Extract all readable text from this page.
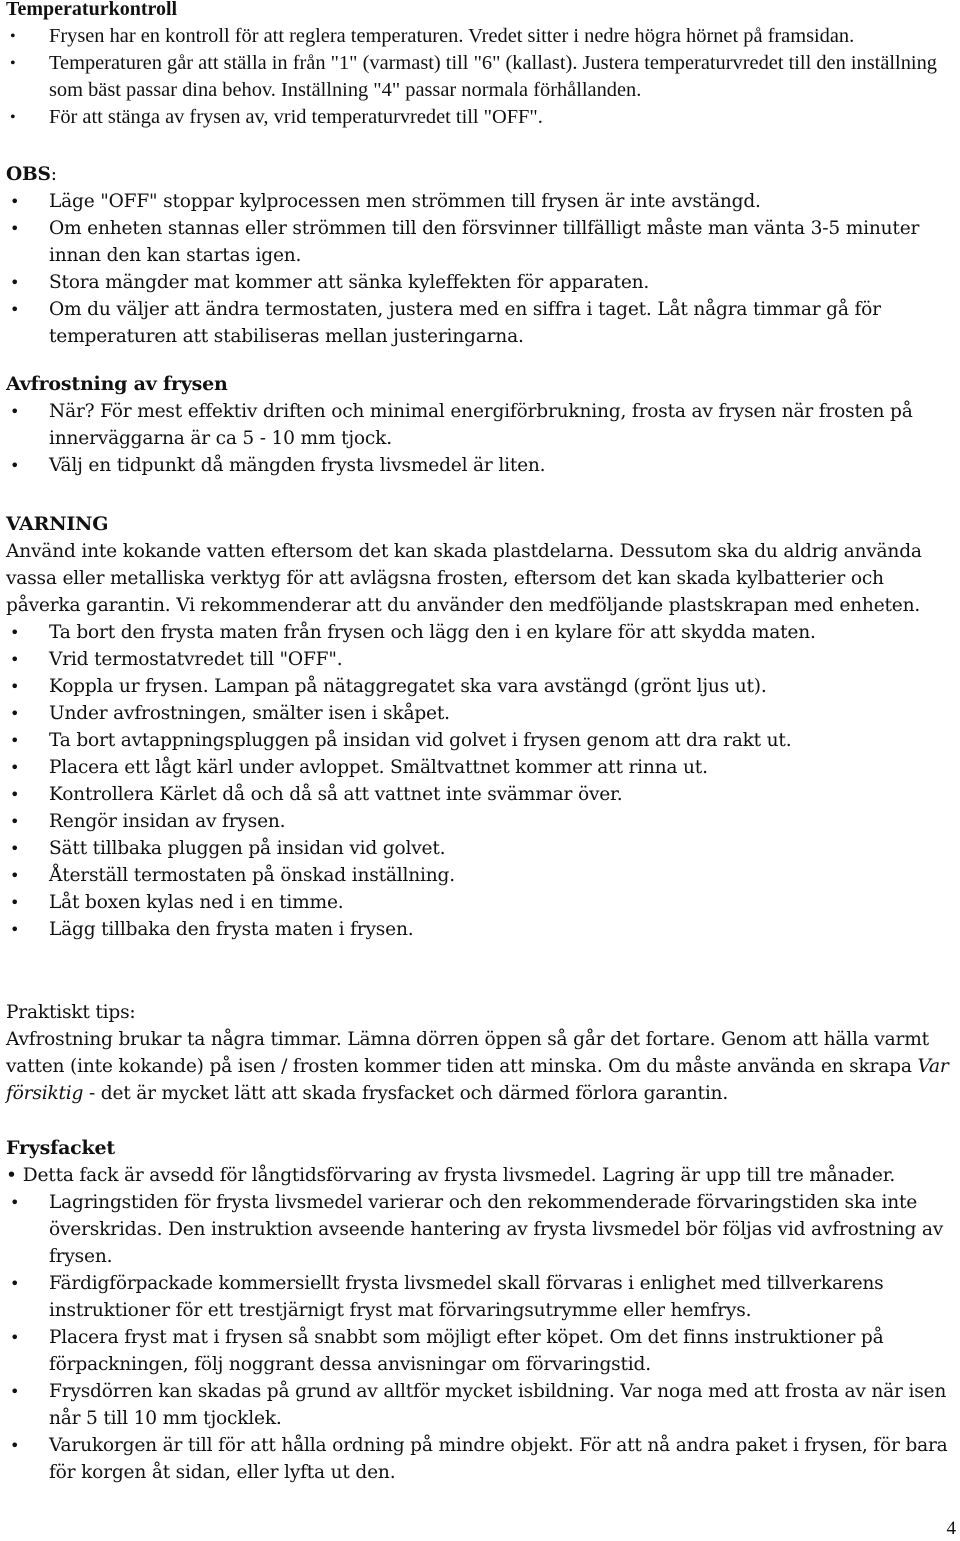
Temperaturkontroll
• Frysen har en kontroll för att reglera temperaturen. Vredet sitter i nedre högra hörnet på framsidan.
• Temperaturen går att ställa in från "1" (varmast) till "6" (kallast). Justera temperaturvredet till den inställning som bäst passar dina behov. Inställning "4" passar normala förhållanden.
• För att stänga av frysen av, vrid temperaturvredet till "OFF".
OBS:
• Läge "OFF" stoppar kylprocessen men strömmen till frysen är inte avstängd.
• Om enheten stannas eller strömmen till den försvinner tillfälligt måste man vänta 3-5 minuter innan den kan startas igen.
• Stora mängder mat kommer att sänka kyleffekten för apparaten.
• Om du väljer att ändra termostaten, justera med en siffra i taget. Låt några timmar gå för temperaturen att stabiliseras mellan justeringarna.
Avfrostning av frysen
• När? För mest effektiv driften och minimal energiförbrukning, frosta av frysen när frosten på innerväggarna är ca 5 - 10 mm tjock.
• Välj en tidpunkt då mängden frysta livsmedel är liten.
VARNING

Använd inte kokande vatten eftersom det kan skada plastdelarna. Dessutom ska du aldrig använda vassa eller metalliska verktyg för att avlägsna frosten, eftersom det kan skada kylbatterier och påverka garantin. Vi rekommenderar att du använder den medföljande plastskrapan med enheten.

• Ta bort den frysta maten från frysen och lägg den i en kylare för att skydda maten.
• Vrid termostatvredet till "OFF".
• Koppla ur frysen. Lampan på nätaggregatet ska vara avstängd (grönt ljus ut).
• Under avfrostningen, smälter isen i skåpet.
• Ta bort avtappningspluggen på insidan vid golvet i frysen genom att dra rakt ut.
• Placera ett lågt kärl under avloppet. Smältvattnet kommer att rinna ut.
• Kontrollera Kärlet då och då så att vattnet inte svämmar över.
• Rengör insidan av frysen.
• Sätt tillbaka pluggen på insidan vid golvet.
• Återställ termostaten på önskad inställning.
• Låt boxen kylas ned i en timme.
• Lägg tillbaka den frysta maten i frysen.
Praktiskt tips:

Avfrostning brukar ta några timmar. Lämna dörren öppen så går det fortare. Genom att hälla varmt vatten (inte kokande) på isen / frosten kommer tiden att minska. Om du måste använda en skrapa Var försiktig - det är mycket lätt att skada frysfacket och därmed förlora garantin.

Frysfacket

• Detta fack är avsedd för långtidsförvaring av frysta livsmedel. Lagring är upp till tre månader.

• Lagringstiden för frysta livsmedel varierar och den rekommenderade förvaringstiden ska inte överskridas. Den instruktion avseende hantering av frysta livsmedel bör följas vid avfrostning av frysen.
• Färdigförpackade kommersiellt frysta livsmedel skall förvaras i enlighet med tillverkarens instruktioner för ett trestjärnigt fryst mat förvaringsutrymme eller hemfrys.
• Placera fryst mat i frysen så snabbt som möjligt efter köpet. Om det finns instruktioner på förpackningen, följ noggrant dessa anvisningar om förvaringstid.
• Frysdörren kan skadas på grund av alltför mycket isbildning. Var noga med att frosta av när isen når 5 till 10 mm tjocklek.
• Varukorgen är till för att hålla ordning på mindre objekt. För att nå andra paket i frysen, för bara för korgen åt sidan, eller lyfta ut den.
4
